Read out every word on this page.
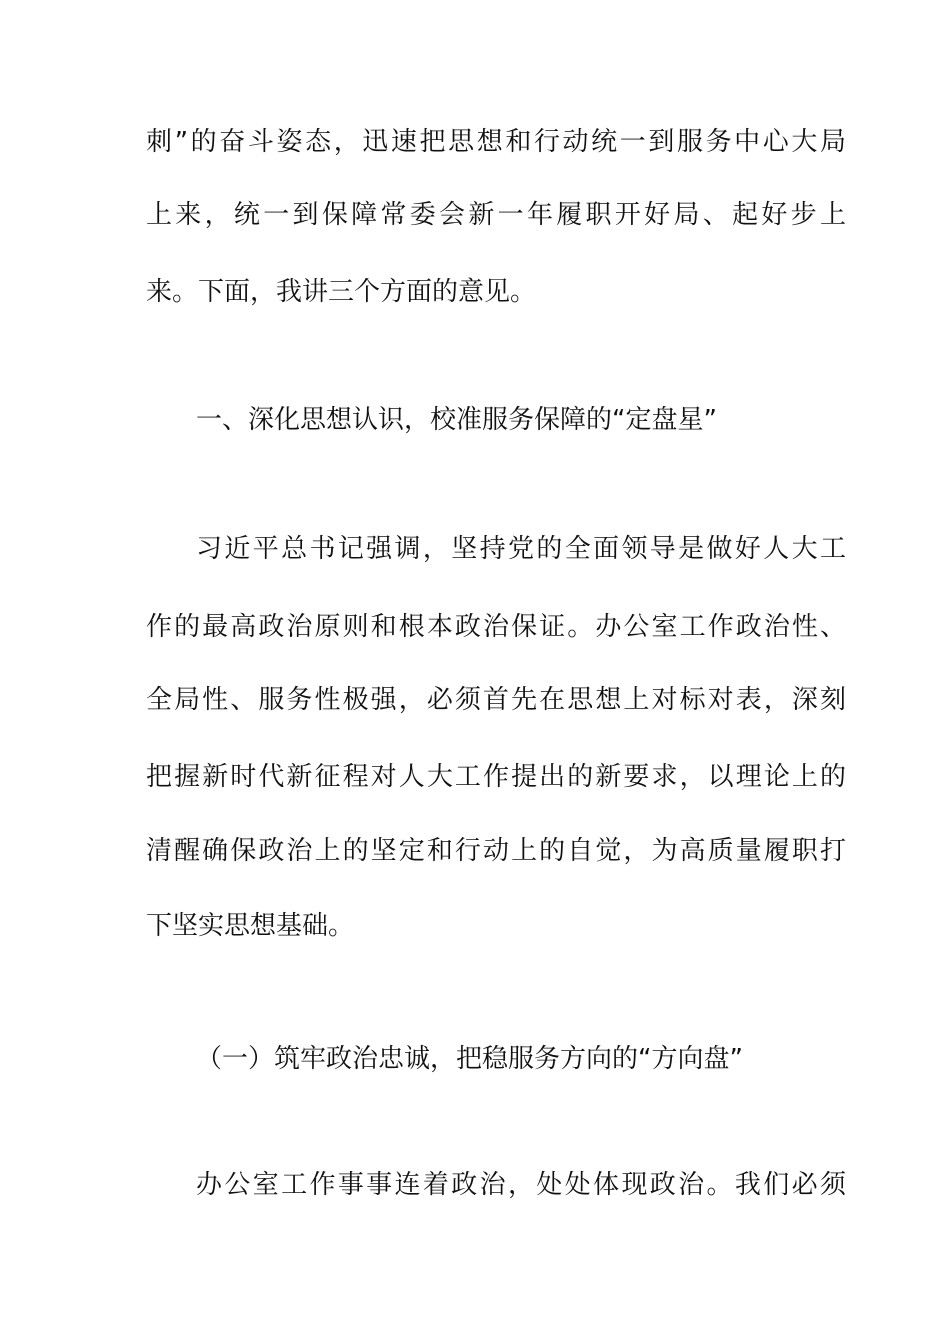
刺”的奋斗姿态，迅速把思想和行动统一到服务中心大局
上来，统一到保障常委会新一年履职开好局、起好步上
来。下面，我讲三个方面的意见。
一、深化思想认识，校准服务保障的“定盘星”
习近平总书记强调，坚持党的全面领导是做好人大工
作的最高政治原则和根本政治保证。办公室工作政治性、
全局性、服务性极强，必须首先在思想上对标对表，深刻
把握新时代新征程对人大工作提出的新要求，以理论上的
清醒确保政治上的坚定和行动上的自觉，为高质量履职打
下坚实思想基础。
（一）筑牢政治忠诚，把稳服务方向的“方向盘”
办公室工作事事连着政治，处处体现政治。我们必须
